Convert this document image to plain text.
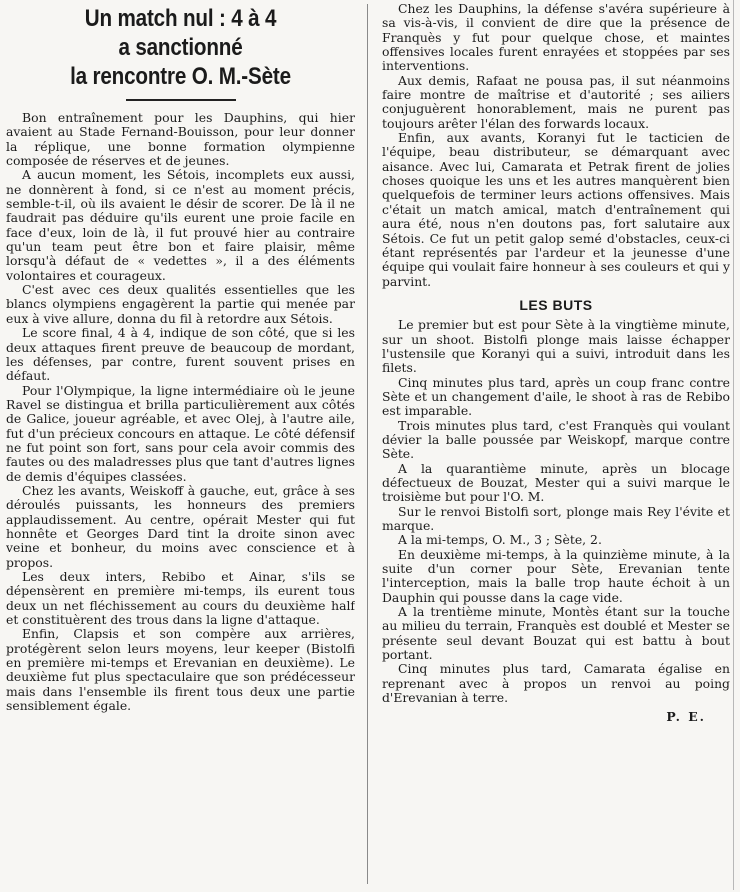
Un match nul : 4 à 4
a sanctionné
la rencontre O. M.-Sète

Bon entraînement pour les Dauphins, qui hier avaient au Stade Fernand-Bouisson, pour leur donner la réplique, une bonne formation olympienne composée de réserves et de jeunes.

A aucun moment, les Sétois, incomplets eux aussi, ne donnèrent à fond, si ce n'est au moment précis, semble-t-il, où ils avaient le désir de scorer. De là il ne faudrait pas déduire qu'ils eurent une proie facile en face d'eux, loin de là, il fut prouvé hier au contraire qu'un team peut être bon et faire plaisir, même lorsqu'à défaut de « vedettes », il a des éléments volontaires et courageux.

C'est avec ces deux qualités essentielles que les blancs olympiens engagèrent la partie qui menée par eux à vive allure, donna du fil à retordre aux Sétois.

Le score final, 4 à 4, indique de son côté, que si les deux attaques firent preuve de beaucoup de mordant, les défenses, par contre, furent souvent prises en défaut.

Pour l'Olympique, la ligne intermédiaire où le jeune Ravel se distingua et brilla particulièrement aux côtés de Galice, joueur agréable, et avec Olej, à l'autre aile, fut d'un précieux concours en attaque. Le côté défensif ne fut point son fort, sans pour cela avoir commis des fautes ou des maladresses plus que tant d'autres lignes de demis d'équipes classées.

Chez les avants, Weiskoff à gauche, eut, grâce à ses déroulés puissants, les honneurs des premiers applaudissement. Au centre, opérait Mester qui fut honnête et Georges Dard tint la droite sinon avec veine et bonheur, du moins avec conscience et à propos.

Les deux inters, Rebibo et Ainar, s'ils se dépensèrent en première mi-temps, ils eurent tous deux un net fléchissement au cours du deuxième half et constituèrent des trous dans la ligne d'attaque.

Enfin, Clapsis et son compère aux arrières, protégèrent selon leurs moyens, leur keeper (Bistolfi en première mi-temps et Erevanian en deuxième). Le deuxième fut plus spectaculaire que son prédécesseur mais dans l'ensemble ils firent tous deux une partie sensiblement égale.

Chez les Dauphins, la défense s'avéra supérieure à sa vis-à-vis, il convient de dire que la présence de Franquès y fut pour quelque chose, et maintes offensives locales furent enrayées et stoppées par ses interventions.

Aux demis, Rafaat ne pousa pas, il sut néanmoins faire montre de maîtrise et d'autorité ; ses ailiers conjuguèrent honorablement, mais ne purent pas toujours arêter l'élan des forwards locaux.

Enfin, aux avants, Koranyi fut le tacticien de l'équipe, beau distributeur, se démarquant avec aisance. Avec lui, Camarata et Petrak firent de jolies choses quoique les uns et les autres manquèrent bien quelquefois de terminer leurs actions offensives. Mais c'était un match amical, match d'entraînement qui aura été, nous n'en doutons pas, fort salutaire aux Sétois. Ce fut un petit galop semé d'obstacles, ceux-ci étant représentés par l'ardeur et la jeunesse d'une équipe qui voulait faire honneur à ses couleurs et qui y parvint.

LES BUTS

Le premier but est pour Sète à la vingtième minute, sur un shoot. Bistolfi plonge mais laisse échapper l'ustensile que Koranyi qui a suivi, introduit dans les filets.

Cinq minutes plus tard, après un coup franc contre Sète et un changement d'aile, le shoot à ras de Rebibo est imparable.

Trois minutes plus tard, c'est Franquès qui voulant dévier la balle poussée par Weiskopf, marque contre Sète.

A la quarantième minute, après un blocage défectueux de Bouzat, Mester qui a suivi marque le troisième but pour l'O. M.

Sur le renvoi Bistolfi sort, plonge mais Rey l'évite et marque.

A la mi-temps, O. M., 3 ; Sète, 2.

En deuxième mi-temps, à la quinzième minute, à la suite d'un corner pour Sète, Erevanian tente l'interception, mais la balle trop haute échoit à un Dauphin qui pousse dans la cage vide.

A la trentième minute, Montès étant sur la touche au milieu du terrain, Franquès est doublé et Mester se présente seul devant Bouzat qui est battu à bout portant.

Cinq minutes plus tard, Camarata égalise en reprenant avec à propos un renvoi au poing d'Erevanian à terre.

P. E.
